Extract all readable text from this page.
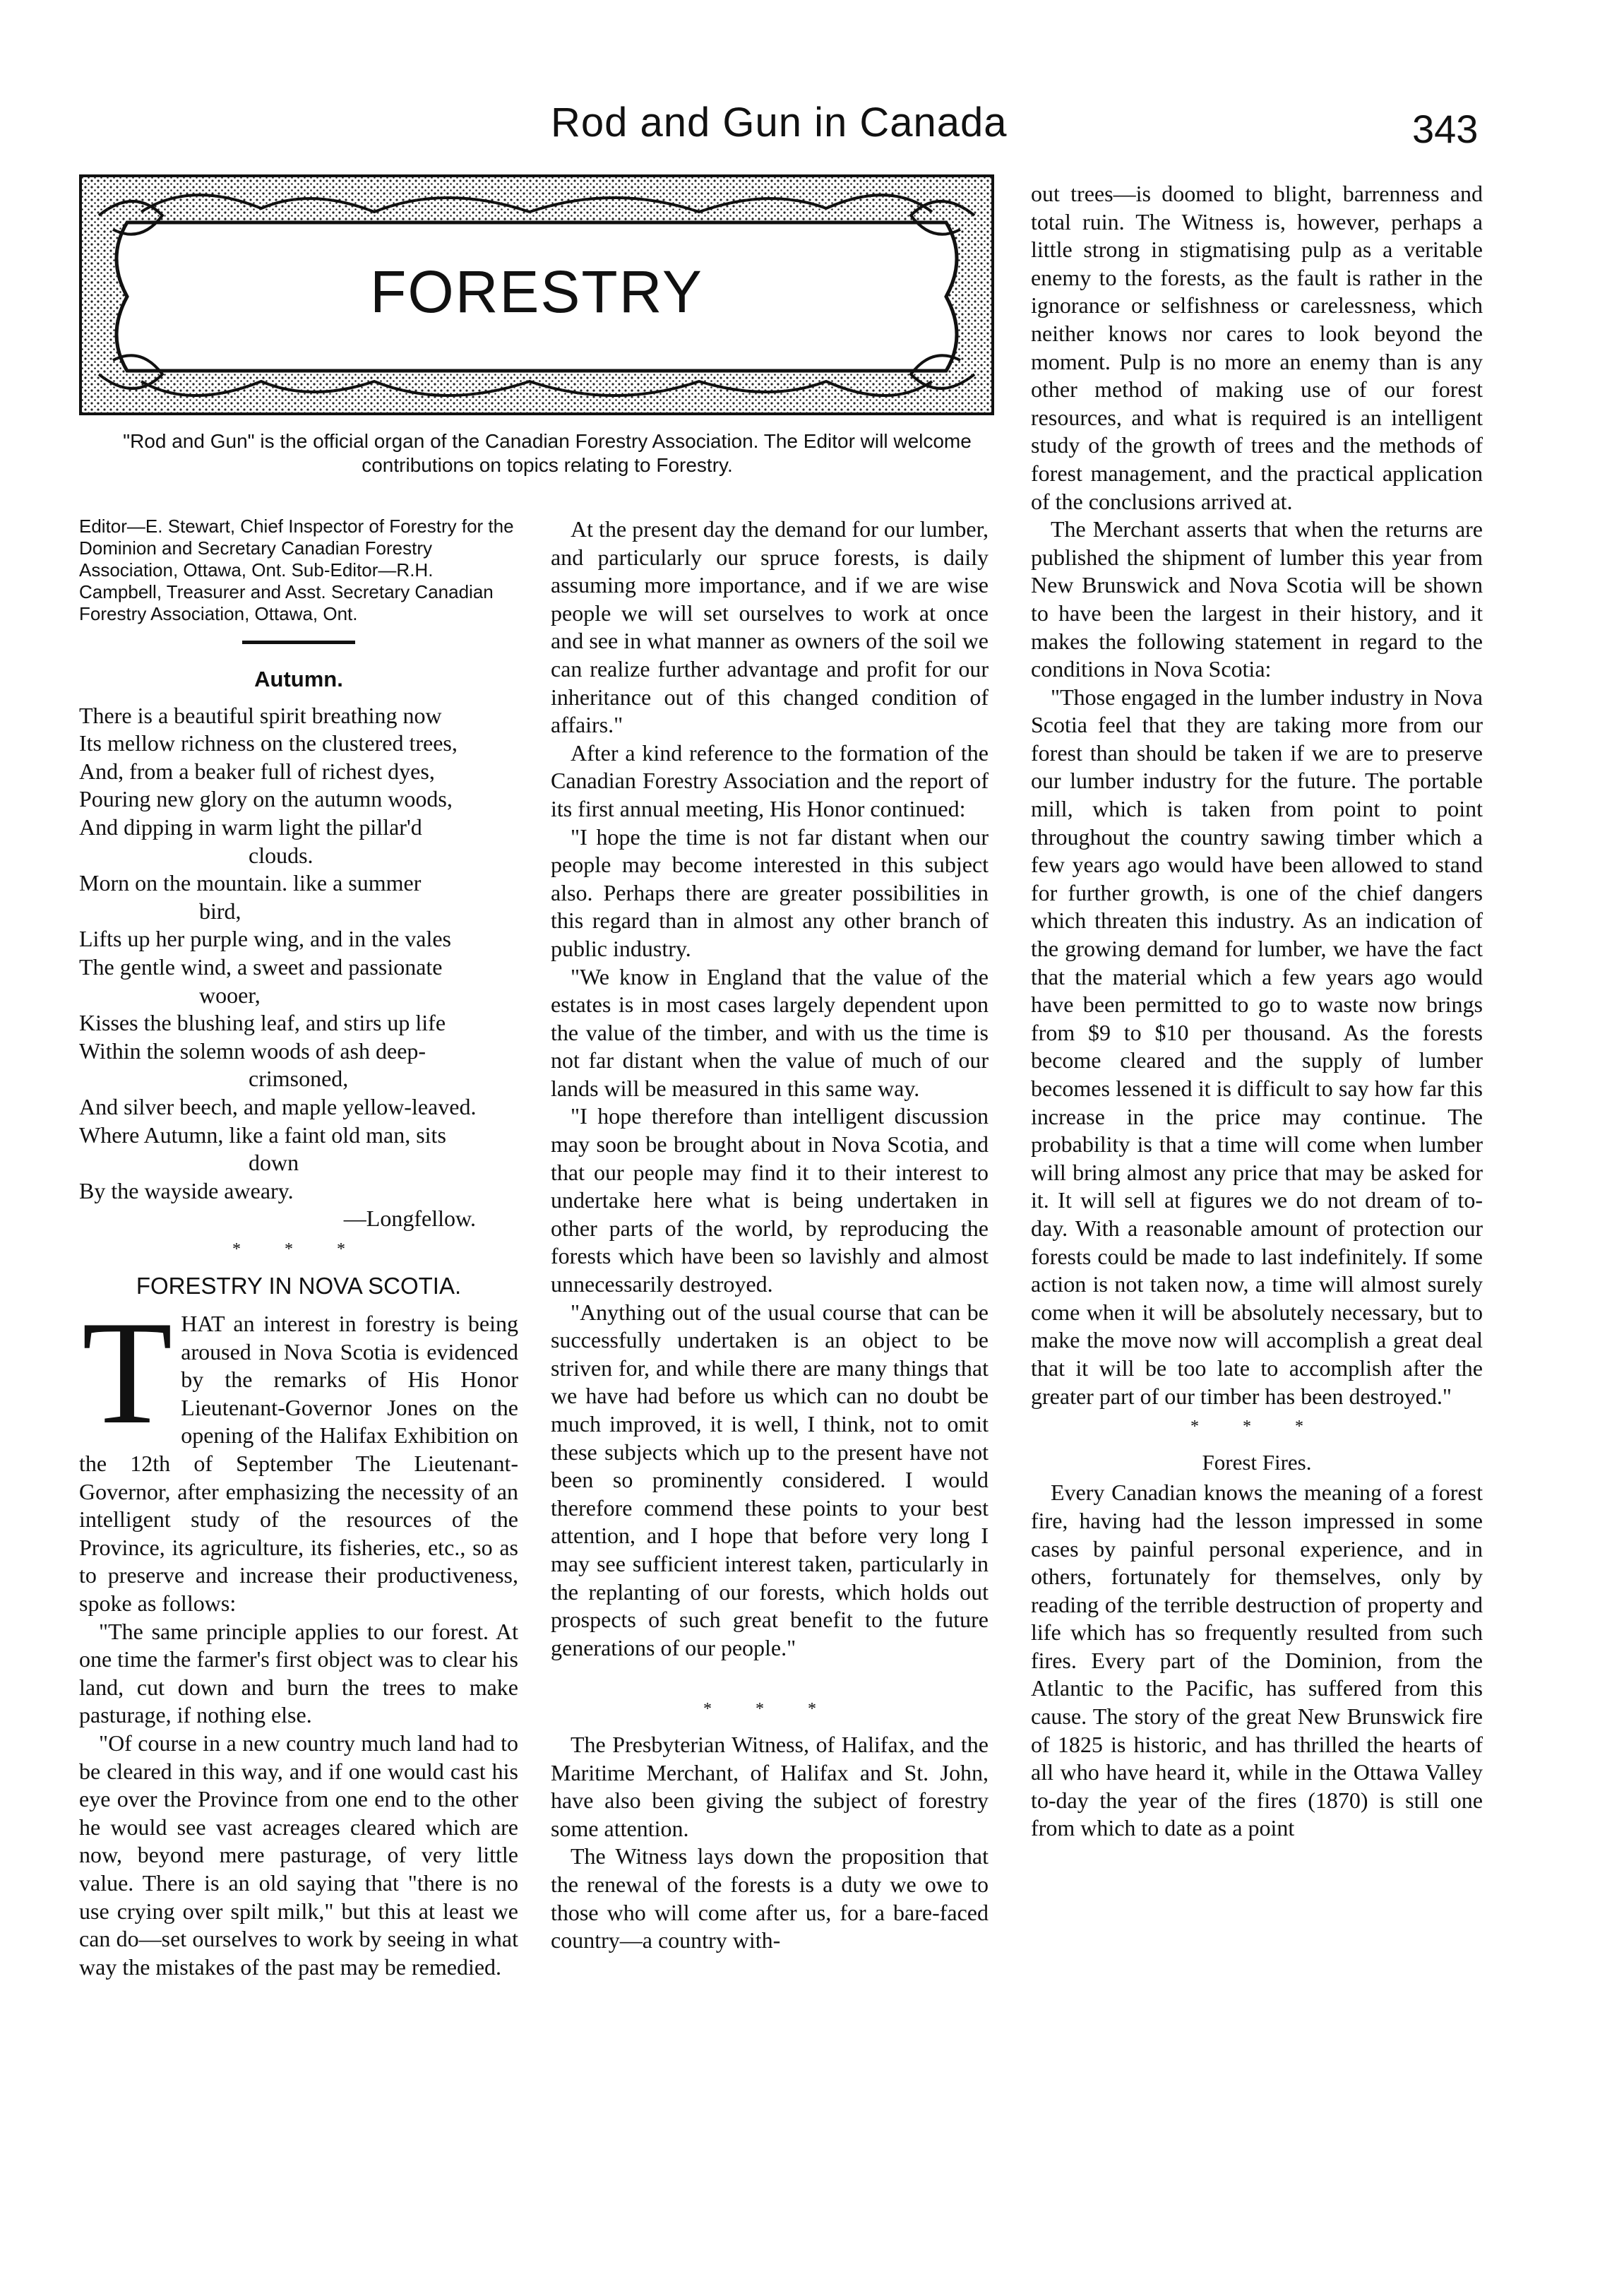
Rod and Gun in Canada	343
FORESTRY
"Rod and Gun" is the official organ of the Canadian Forestry Association. The Editor will welcome contributions on topics relating to Forestry.

Editor—E. Stewart, Chief Inspector of Forestry for the Dominion and Secretary Canadian Forestry Association, Ottawa, Ont. Sub-Editor—R.H. Campbell, Treasurer and Asst. Secretary Canadian Forestry Association, Ottawa, Ont.

Autumn.
There is a beautiful spirit breathing now
Its mellow richness on the clustered trees,
And, from a beaker full of richest dyes,
Pouring new glory on the autumn woods,
And dipping in warm light the pillar'd
clouds.
Morn on the mountain. like a summer
bird,
Lifts up her purple wing, and in the vales
The gentle wind, a sweet and passionate
wooer,
Kisses the blushing leaf, and stirs up life
Within the solemn woods of ash deep-
crimsoned,
And silver beech, and maple yellow-leaved.
Where Autumn, like a faint old man, sits
down
By the wayside aweary.
—Longfellow.
* * *
FORESTRY IN NOVA SCOTIA.
T HAT an interest in forestry is being aroused in Nova Scotia is evidenced by the remarks of His Honor Lieutenant-Governor Jones on the opening of the Halifax Exhibition on the 12th of September The Lieutenant-Governor, after emphasizing the necessity of an intelligent study of the resources of the Province, its agriculture, its fisheries, etc., so as to preserve and increase their productiveness, spoke as follows:

"The same principle applies to our forest. At one time the farmer's first object was to clear his land, cut down and burn the trees to make pasturage, if nothing else.

"Of course in a new country much land had to be cleared in this way, and if one would cast his eye over the Province from one end to the other he would see vast acreages cleared which are now, beyond mere pasturage, of very little value. There is an old saying that "there is no use crying over spilt milk," but this at least we can do—set ourselves to work by seeing in what way the mistakes of the past may be remedied.

At the present day the demand for our lumber, and particularly our spruce forests, is daily assuming more importance, and if we are wise people we will set ourselves to work at once and see in what manner as owners of the soil we can realize further advantage and profit for our inheritance out of this changed condition of affairs."

After a kind reference to the formation of the Canadian Forestry Association and the report of its first annual meeting, His Honor continued:

"I hope the time is not far distant when our people may become interested in this subject also. Perhaps there are greater possibilities in this regard than in almost any other branch of public industry.

"We know in England that the value of the estates is in most cases largely dependent upon the value of the timber, and with us the time is not far distant when the value of much of our lands will be measured in this same way.

"I hope therefore than intelligent discussion may soon be brought about in Nova Scotia, and that our people may find it to their interest to undertake here what is being undertaken in other parts of the world, by reproducing the forests which have been so lavishly and almost unnecessarily destroyed.

"Anything out of the usual course that can be successfully undertaken is an object to be striven for, and while there are many things that we have had before us which can no doubt be much improved, it is well, I think, not to omit these subjects which up to the present have not been so prominently considered. I would therefore commend these points to your best attention, and I hope that before very long I may see sufficient interest taken, particularly in the replanting of our forests, which holds out prospects of such great benefit to the future generations of our people."

* * *

The Presbyterian Witness, of Halifax, and the Maritime Merchant, of Halifax and St. John, have also been giving the subject of forestry some attention.

The Witness lays down the proposition that the renewal of the forests is a duty we owe to those who will come after us, for a bare-faced country—a country with-

out trees—is doomed to blight, barrenness and total ruin. The Witness is, however, perhaps a little strong in stigmatising pulp as a veritable enemy to the forests, as the fault is rather in the ignorance or selfishness or carelessness, which neither knows nor cares to look beyond the moment. Pulp is no more an enemy than is any other method of making use of our forest resources, and what is required is an intelligent study of the growth of trees and the methods of forest management, and the practical application of the conclusions arrived at.

The Merchant asserts that when the returns are published the shipment of lumber this year from New Brunswick and Nova Scotia will be shown to have been the largest in their history, and it makes the following statement in regard to the conditions in Nova Scotia:

"Those engaged in the lumber industry in Nova Scotia feel that they are taking more from our forest than should be taken if we are to preserve our lumber industry for the future. The portable mill, which is taken from point to point throughout the country sawing timber which a few years ago would have been allowed to stand for further growth, is one of the chief dangers which threaten this industry. As an indication of the growing demand for lumber, we have the fact that the material which a few years ago would have been permitted to go to waste now brings from $9 to $10 per thousand. As the forests become cleared and the supply of lumber becomes lessened it is difficult to say how far this increase in the price may continue. The probability is that a time will come when lumber will bring almost any price that may be asked for it. It will sell at figures we do not dream of to-day. With a reasonable amount of protection our forests could be made to last indefinitely. If some action is not taken now, a time will almost surely come when it will be absolutely necessary, but to make the move now will accomplish a great deal that it will be too late to accomplish after the greater part of our timber has been destroyed."

* * *
Forest Fires.

Every Canadian knows the meaning of a forest fire, having had the lesson impressed in some cases by painful personal experience, and in others, fortunately for themselves, only by reading of the terrible destruction of property and life which has so frequently resulted from such fires. Every part of the Dominion, from the Atlantic to the Pacific, has suffered from this cause. The story of the great New Brunswick fire of 1825 is historic, and has thrilled the hearts of all who have heard it, while in the Ottawa Valley to-day the year of the fires (1870) is still one from which to date as a point
